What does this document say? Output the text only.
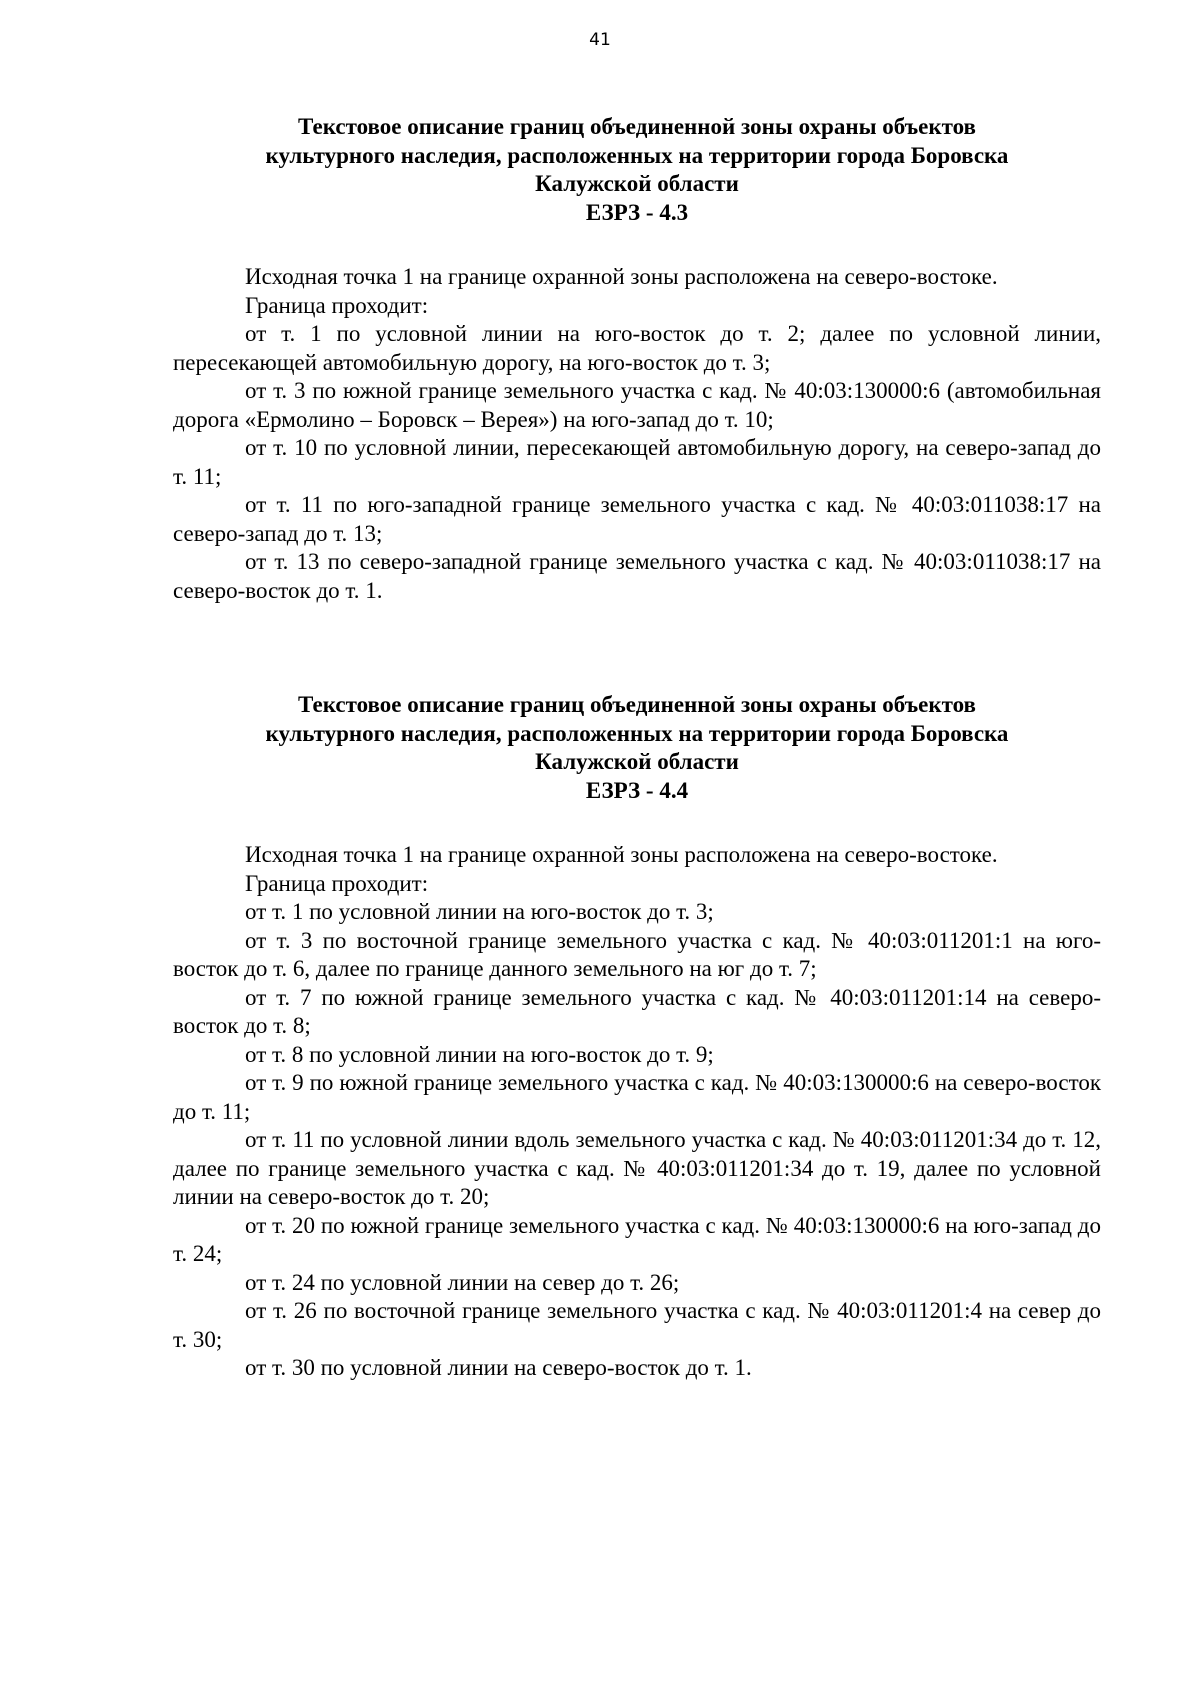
41
Текстовое описание границ объединенной зоны охраны объектов
культурного наследия, расположенных на территории города Боровска
Калужской области
ЕЗРЗ - 4.3

Исходная точка 1 на границе охранной зоны расположена на северо-востоке.

Граница проходит:

от т. 1 по условной линии на юго-восток до т. 2; далее по условной линии, пересекающей автомобильную дорогу, на юго-восток до т. 3;

от т. 3 по южной границе земельного участка с кад. № 40:03:130000:6 (автомобильная дорога «Ермолино – Боровск – Верея») на юго-запад до т. 10;

от т. 10 по условной линии, пересекающей автомобильную дорогу, на северо-запад до т. 11;

от т. 11 по юго-западной границе земельного участка с кад. № 40:03:011038:17 на северо-запад до т. 13;

от т. 13 по северо-западной границе земельного участка с кад. № 40:03:011038:17 на северо-восток до т. 1.

Текстовое описание границ объединенной зоны охраны объектов
культурного наследия, расположенных на территории города Боровска
Калужской области
ЕЗРЗ - 4.4

Исходная точка 1 на границе охранной зоны расположена на северо-востоке.

Граница проходит:

от т. 1 по условной линии на юго-восток до т. 3;

от т. 3 по восточной границе земельного участка с кад. № 40:03:011201:1 на юго-восток до т. 6, далее по границе данного земельного на юг до т. 7;

от т. 7 по южной границе земельного участка с кад. № 40:03:011201:14 на северо-восток до т. 8;

от т. 8 по условной линии на юго-восток до т. 9;

от т. 9 по южной границе земельного участка с кад. № 40:03:130000:6 на северо-восток до т. 11;

от т. 11 по условной линии вдоль земельного участка с кад. № 40:03:011201:34 до т. 12, далее по границе земельного участка с кад. № 40:03:011201:34 до т. 19, далее по условной линии на северо-восток до т. 20;

от т. 20 по южной границе земельного участка с кад. № 40:03:130000:6 на юго-запад до т. 24;

от т. 24 по условной линии на север до т. 26;

от т. 26 по восточной границе земельного участка с кад. № 40:03:011201:4 на север до т. 30;

от т. 30 по условной линии на северо-восток до т. 1.
